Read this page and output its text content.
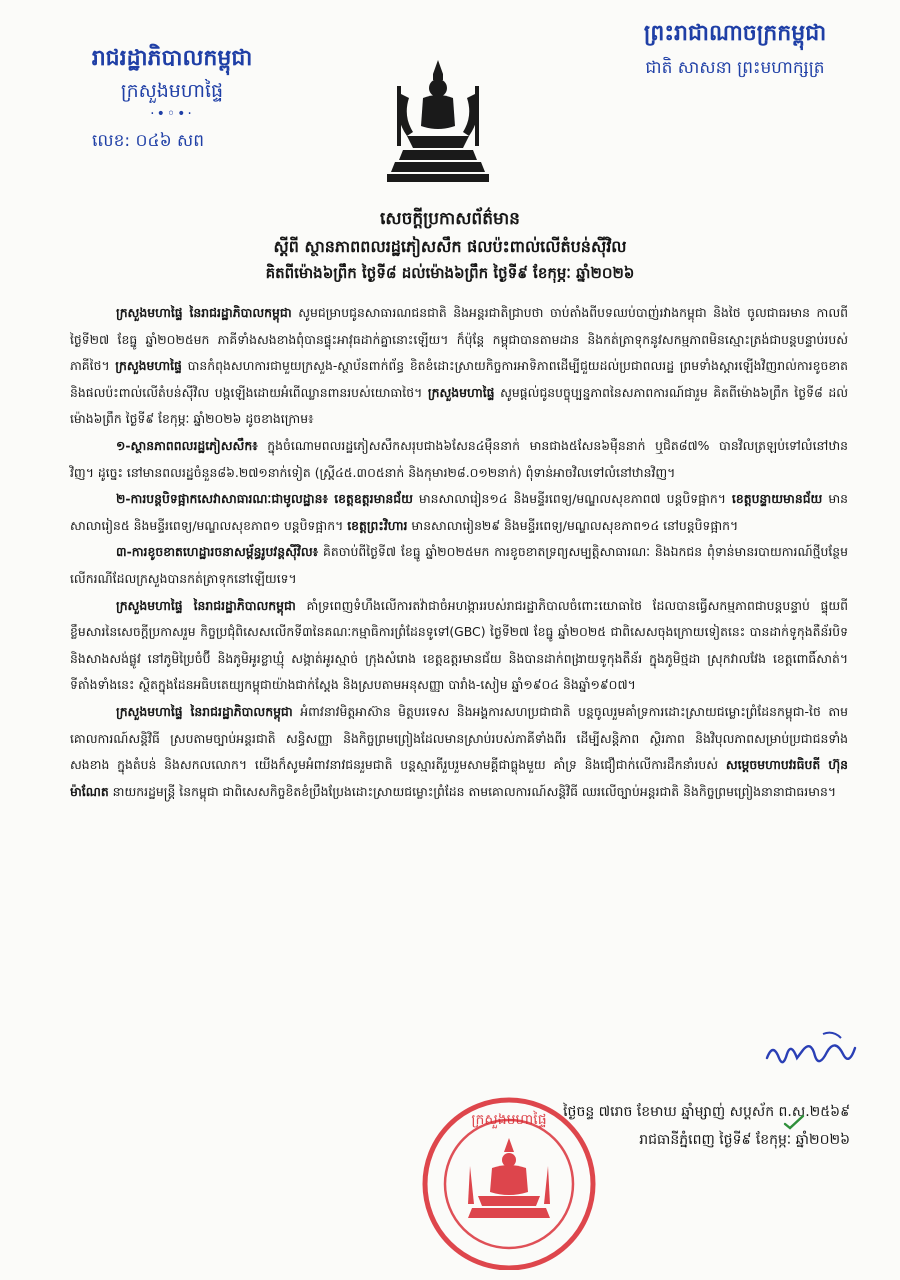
រាជរដ្ឋាភិបាលកម្ពុជា

ក្រសួងមហាផ្ទៃ

·•◦•·

លេខ: ០៤៦ សព

ព្រះរាជាណាចក្រកម្ពុជា

ជាតិ សាសនា ព្រះមហាក្សត្រ

សេចក្តីប្រកាសព័ត៌មាន

ស្តីពី ស្ថានភាពពលរដ្ឋភៀសសឹក ផលប៉ះពាល់លើតំបន់ស៊ីវិល

គិតពីម៉ោង៦ព្រឹក ថ្ងៃទី៨ ដល់ម៉ោង៦ព្រឹក ថ្ងៃទី៩ ខែកុម្ភៈ ឆ្នាំ២០២៦

ក្រសួងមហាផ្ទៃ នៃរាជរដ្ឋាភិបាលកម្ពុជា សូមជម្រាបជូនសាធារណជនជាតិ និងអន្តរជាតិជ្រាបថា ចាប់តាំងពីបទឈប់បាញ់រវាងកម្ពុជា និងថៃ ចូលជាធរមាន កាលពីថ្ងៃទី២៧ ខែធ្នូ ឆ្នាំ២០២៥មក ភាគីទាំងសងខាងពុំបានផ្ទុះអាវុធដាក់គ្នានោះឡើយ។ ក៏ប៉ុន្តែ កម្ពុជាបានតាមដាន និងកត់ត្រាទុកនូវសកម្មភាពមិនស្មោះត្រង់ជាបន្តបន្ទាប់របស់ភាគីថៃ។ ក្រសួងមហាផ្ទៃ បានកំពុងសហការជាមួយក្រសួង-ស្ថាប័នពាក់ព័ន្ធ ខិតខំដោះស្រាយកិច្ចការអាទិភាពដើម្បីជួយដល់ប្រជាពលរដ្ឋ ព្រមទាំងស្តារឡើងវិញរាល់ការខូចខាត និងផលប៉ះពាល់លើតំបន់ស៊ីវិល បង្កឡើងដោយអំពើឈ្លានពានរបស់យោធាថៃ។ ក្រសួងមហាផ្ទៃ សូមផ្តល់ជូនបច្ចុប្បន្នភាពនៃសភាពការណ៍ជារួម គិតពីម៉ោង៦ព្រឹក ថ្ងៃទី៨ ដល់ម៉ោង៦ព្រឹក ថ្ងៃទី៩ ខែកុម្ភៈ ឆ្នាំ២០២៦ ដូចខាងក្រោម៖

១-ស្ថានភាពពលរដ្ឋភៀសសឹក៖ ក្នុងចំណោមពលរដ្ឋភៀសសឹកសរុបជាង៦សែន៤ម៉ឺននាក់ មានជាង៥សែន៦ម៉ឺននាក់ ឬជិត៨៧% បានវិលត្រឡប់ទៅលំនៅឋានវិញ។ ដូច្នេះ នៅមានពលរដ្ឋចំនួន៨៦.២៧១នាក់ទៀត (ស្ត្រី៤៥.៣០៥នាក់ និងកុមារ២៨.០១២នាក់) ពុំទាន់អាចវិលទៅលំនៅឋានវិញ។

២-ការបន្តបិទផ្អាកសេវាសាធារណៈជាមូលដ្ឋាន៖ ខេត្តឧត្តរមានជ័យ មានសាលារៀន១៤ និងមន្ទីរពេទ្យ/មណ្ឌលសុខភាព៧ បន្តបិទផ្អាក។ ខេត្តបន្ទាយមានជ័យ មានសាលារៀន៥ និងមន្ទីរពេទ្យ/មណ្ឌលសុខភាព១ បន្តបិទផ្អាក។ ខេត្តព្រះវិហារ មានសាលារៀន២៩ និងមន្ទីរពេទ្យ/មណ្ឌលសុខភាព១៤ នៅបន្តបិទផ្អាក។

៣-ការខូចខាតហេដ្ឋារចនាសម្ព័ន្ធរូបវន្តស៊ីវិល៖ គិតចាប់ពីថ្ងៃទី៧ ខែធ្នូ ឆ្នាំ២០២៥មក ការខូចខាតទ្រព្យសម្បត្តិសាធារណៈ និងឯកជន ពុំទាន់មានរបាយការណ៍ថ្មីបន្ថែមលើករណីដែលក្រសួងបានកត់ត្រាទុកនៅឡើយទេ។

ក្រសួងមហាផ្ទៃ នៃរាជរដ្ឋាភិបាលកម្ពុជា គាំទ្រពេញទំហឹងលើការតវ៉ាជាចំអហង្ការរបស់រាជរដ្ឋាភិបាលចំពោះយោធាថៃ ដែលបានធ្វើសកម្មភាពជាបន្តបន្ទាប់ ផ្ទុយពីខ្លឹមសារនៃសេចក្តីប្រកាសរួម កិច្ចប្រជុំពិសេសលើកទី៣នៃគណៈកម្មាធិការព្រំដែនទូទៅ(GBC) ថ្ងៃទី២៧ ខែធ្នូ ឆ្នាំ២០២៥ ជាពិសេសចុងក្រោយទៀតនេះ បានដាក់ទូកុងតឺន័របិទ និងសាងសង់ផ្លូវ នៅភូមិប្រៃចំប៊ី និងភូមិអូរខ្លាឃ្មុំ សង្កាត់អូរស្មាច់ ក្រុងសំរោង ខេត្តឧត្តរមានជ័យ និងបានដាក់ពង្រាយទូកុងតឺន័រ ក្នុងភូមិថ្មដា ស្រុកវាលវែង ខេត្តពោធិ៍សាត់។ ទីតាំងទាំងនេះ ស្ថិតក្នុងដែនអធិបតេយ្យកម្ពុជាយ៉ាងជាក់ស្តែង និងស្របតាមអនុសញ្ញា បារាំង-សៀម ឆ្នាំ១៩០៤ និងឆ្នាំ១៩០៧។

ក្រសួងមហាផ្ទៃ នៃរាជរដ្ឋាភិបាលកម្ពុជា អំពាវនាវមិត្តអាស៊ាន មិត្តបរទេស និងអង្គការសហប្រជាជាតិ បន្តចូលរួមគាំទ្រការដោះស្រាយជម្លោះព្រំដែនកម្ពុជា-ថៃ តាមគោលការណ៍សន្តិវិធី ស្របតាមច្បាប់អន្តរជាតិ សន្ធិសញ្ញា និងកិច្ចព្រមព្រៀងដែលមានស្រាប់របស់ភាគីទាំងពីរ ដើម្បីសន្តិភាព ស្ថិរភាព និងវិបុលភាពសម្រាប់ប្រជាជនទាំងសងខាង ក្នុងតំបន់ និងសកលលោក។ យើងក៏សូមអំពាវនាវជនរួមជាតិ បន្តស្មារតីរួបរួមសាមគ្គីជាធ្លុងមួយ គាំទ្រ និងជឿជាក់លើការដឹកនាំរបស់ សម្តេចមហាបវរធិបតី ហ៊ុន ម៉ាណែត នាយករដ្ឋមន្ត្រី នៃកម្ពុជា ជាពិសេសកិច្ចខិតខំប្រឹងប្រែងដោះស្រាយជម្លោះព្រំដែន តាមគោលការណ៍សន្តិវិធី ឈរលើច្បាប់អន្តរជាតិ និងកិច្ចព្រមព្រៀងនានាជាធរមាន។

ថ្ងៃចន្ទ ៧រោច ខែមាឃ ឆ្នាំម្សាញ់ សប្តស័ក ព.ស.២៥៦៩

រាជធានីភ្នំពេញ ថ្ងៃទី៩ ខែកុម្ភៈ ឆ្នាំ២០២៦

ក្រសួងមហាផ្ទៃ
